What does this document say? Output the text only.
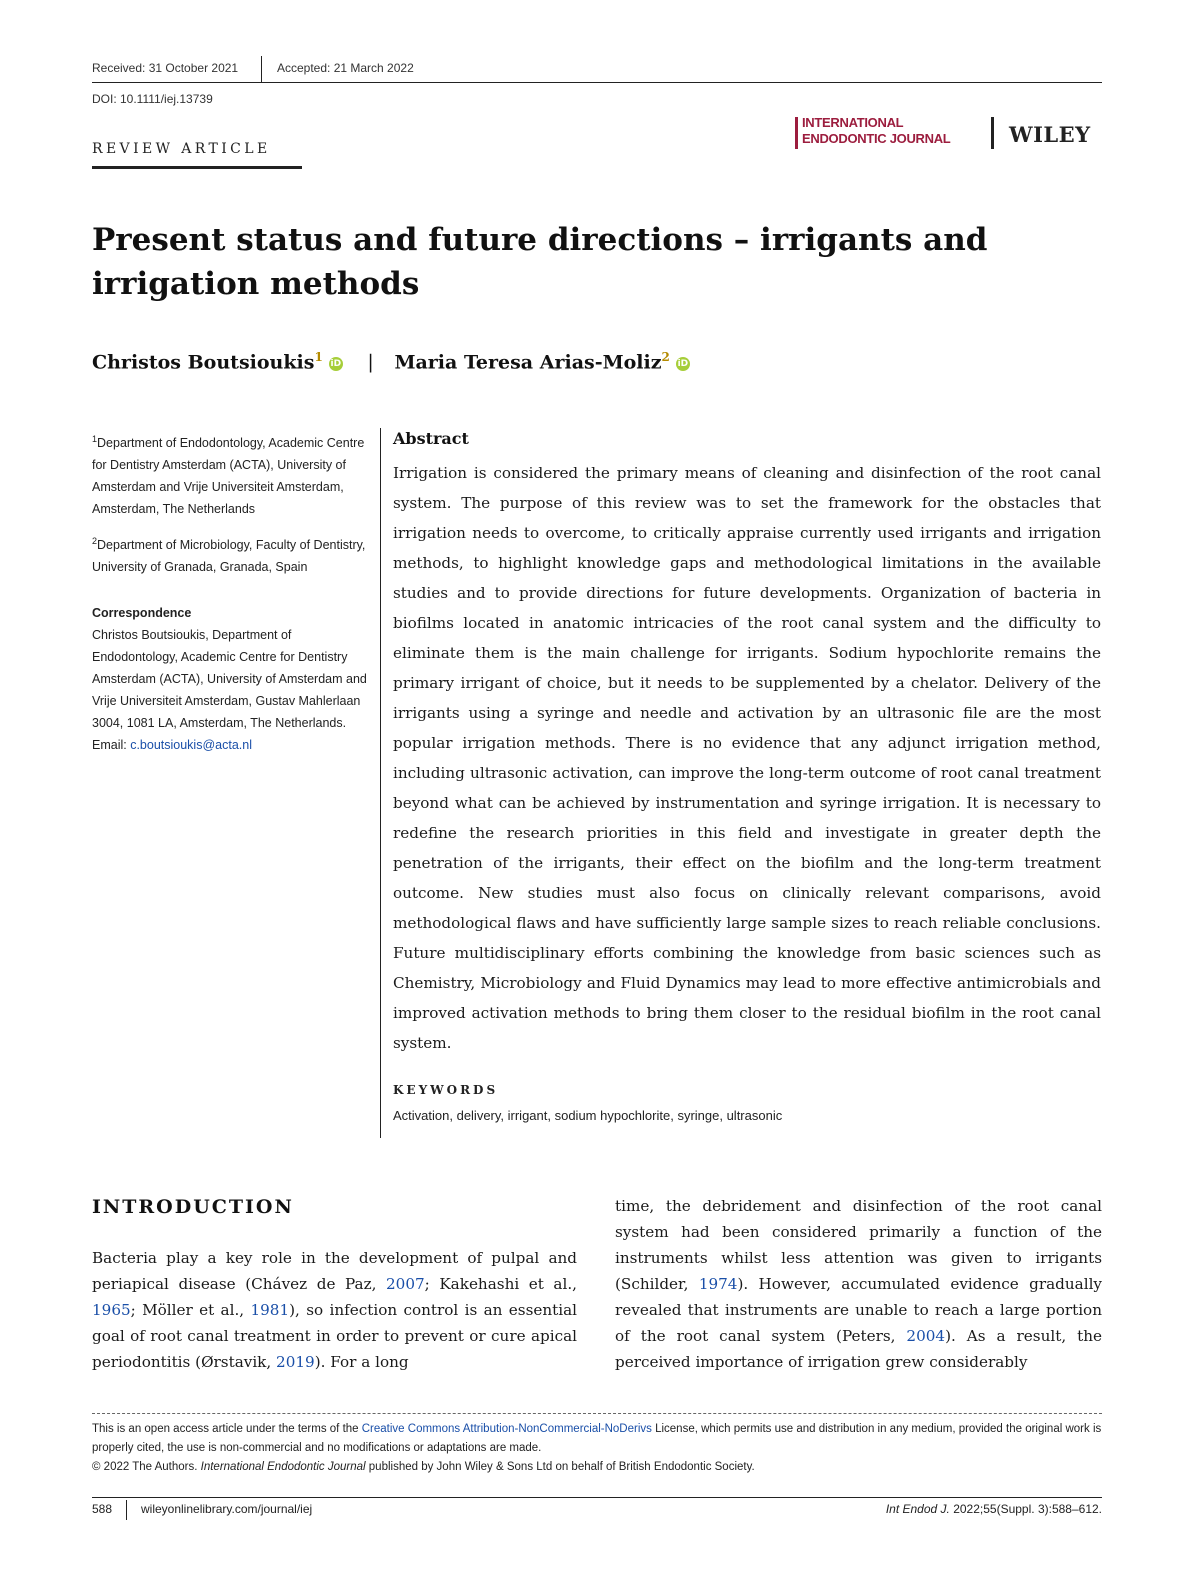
Received: 31 October 2021	Accepted: 21 March 2022
DOI: 10.1111/iej.13739
REVIEW ARTICLE
INTERNATIONAL
ENDODONTIC JOURNAL	WILEY
Present status and future directions – irrigants and irrigation methods
Christos Boutsioukis$^1$iD | Maria Teresa Arias-Moliz$^2$iD

$^1$Department of Endodontology, Academic Centre for Dentistry Amsterdam (ACTA), University of Amsterdam and Vrije Universiteit Amsterdam, Amsterdam, The Netherlands

$^2$Department of Microbiology, Faculty of Dentistry, University of Granada, Granada, Spain

Correspondence

Christos Boutsioukis, Department of Endodontology, Academic Centre for Dentistry Amsterdam (ACTA), University of Amsterdam and Vrije Universiteit Amsterdam, Gustav Mahlerlaan 3004, 1081 LA, Amsterdam, The Netherlands.

Email: c.boutsioukis@acta.nl

Abstract
Irrigation is considered the primary means of cleaning and disinfection of the root canal system. The purpose of this review was to set the framework for the obstacles that irrigation needs to overcome, to critically appraise currently used irrigants and irrigation methods, to highlight knowledge gaps and methodological limitations in the available studies and to provide directions for future developments. Organization of bacteria in biofilms located in anatomic intricacies of the root canal system and the difficulty to eliminate them is the main challenge for irrigants. Sodium hypochlorite remains the primary irrigant of choice, but it needs to be supplemented by a chelator. Delivery of the irrigants using a syringe and needle and activation by an ultrasonic file are the most popular irrigation methods. There is no evidence that any adjunct irrigation method, including ultrasonic activation, can improve the long-term outcome of root canal treatment beyond what can be achieved by instrumentation and syringe irrigation. It is necessary to redefine the research priorities in this field and investigate in greater depth the penetration of the irrigants, their effect on the biofilm and the long-term treatment outcome. New studies must also focus on clinically relevant comparisons, avoid methodological flaws and have sufficiently large sample sizes to reach reliable conclusions. Future multidisciplinary efforts combining the knowledge from basic sciences such as Chemistry, Microbiology and Fluid Dynamics may lead to more effective antimicrobials and improved activation methods to bring them closer to the residual biofilm in the root canal system.
KEYWORDS
Activation, delivery, irrigant, sodium hypochlorite, syringe, ultrasonic
INTRODUCTION
Bacteria play a key role in the development of pulpal and periapical disease (Chávez de Paz, 2007; Kakehashi et al., 1965; Möller et al., 1981), so infection control is an essential goal of root canal treatment in order to prevent or cure apical periodontitis (Ørstavik, 2019). For a long
time, the debridement and disinfection of the root canal system had been considered primarily a function of the instruments whilst less attention was given to irrigants (Schilder, 1974). However, accumulated evidence gradually revealed that instruments are unable to reach a large portion of the root canal system (Peters, 2004). As a result, the perceived importance of irrigation grew considerably

This is an open access article under the terms of the Creative Commons Attribution-NonCommercial-NoDerivs License, which permits use and distribution in any medium, provided the original work is properly cited, the use is non-commercial and no modifications or adaptations are made.

© 2022 The Authors. International Endodontic Journal published by John Wiley & Sons Ltd on behalf of British Endodontic Society.

588 wileyonlinelibrary.com/journal/iej	Int Endod J. 2022;55(Suppl. 3):588–612.
